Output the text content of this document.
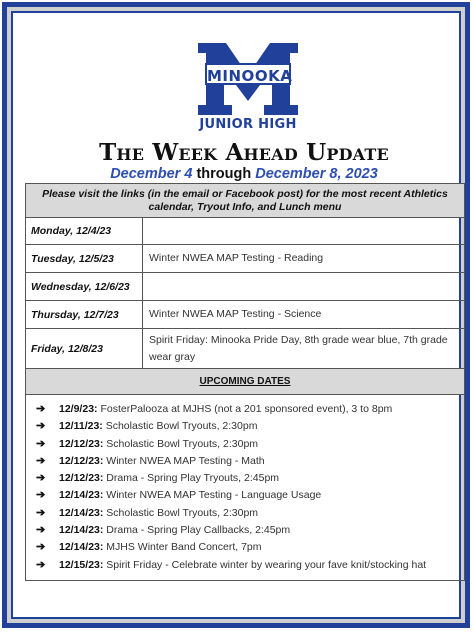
MINOOKA
JUNIOR HIGH
The Week Ahead Update
December 4 through December 8, 2023
Please visit the links (in the email or Facebook post) for the most recent Athletics calendar, Tryout Info, and Lunch menu
Monday, 12/4/23
Tuesday, 12/5/23	Winter NWEA MAP Testing - Reading
Wednesday, 12/6/23
Thursday, 12/7/23	Winter NWEA MAP Testing - Science
Friday, 12/8/23
Spirit Friday: Minooka Pride Day, 8th grade wear blue, 7th grade wear gray
UPCOMING DATES
➔ 12/9/23: FosterPalooza at MJHS (not a 201 sponsored event), 3 to 8pm
➔ 12/11/23: Scholastic Bowl Tryouts, 2:30pm
➔ 12/12/23: Scholastic Bowl Tryouts, 2:30pm
➔ 12/12/23: Winter NWEA MAP Testing - Math
➔ 12/12/23: Drama - Spring Play Tryouts, 2:45pm
➔ 12/14/23: Winter NWEA MAP Testing - Language Usage
➔ 12/14/23: Scholastic Bowl Tryouts, 2:30pm
➔ 12/14/23: Drama - Spring Play Callbacks, 2:45pm
➔ 12/14/23: MJHS Winter Band Concert, 7pm
➔ 12/15/23: Spirit Friday - Celebrate winter by wearing your fave knit/stocking hat
